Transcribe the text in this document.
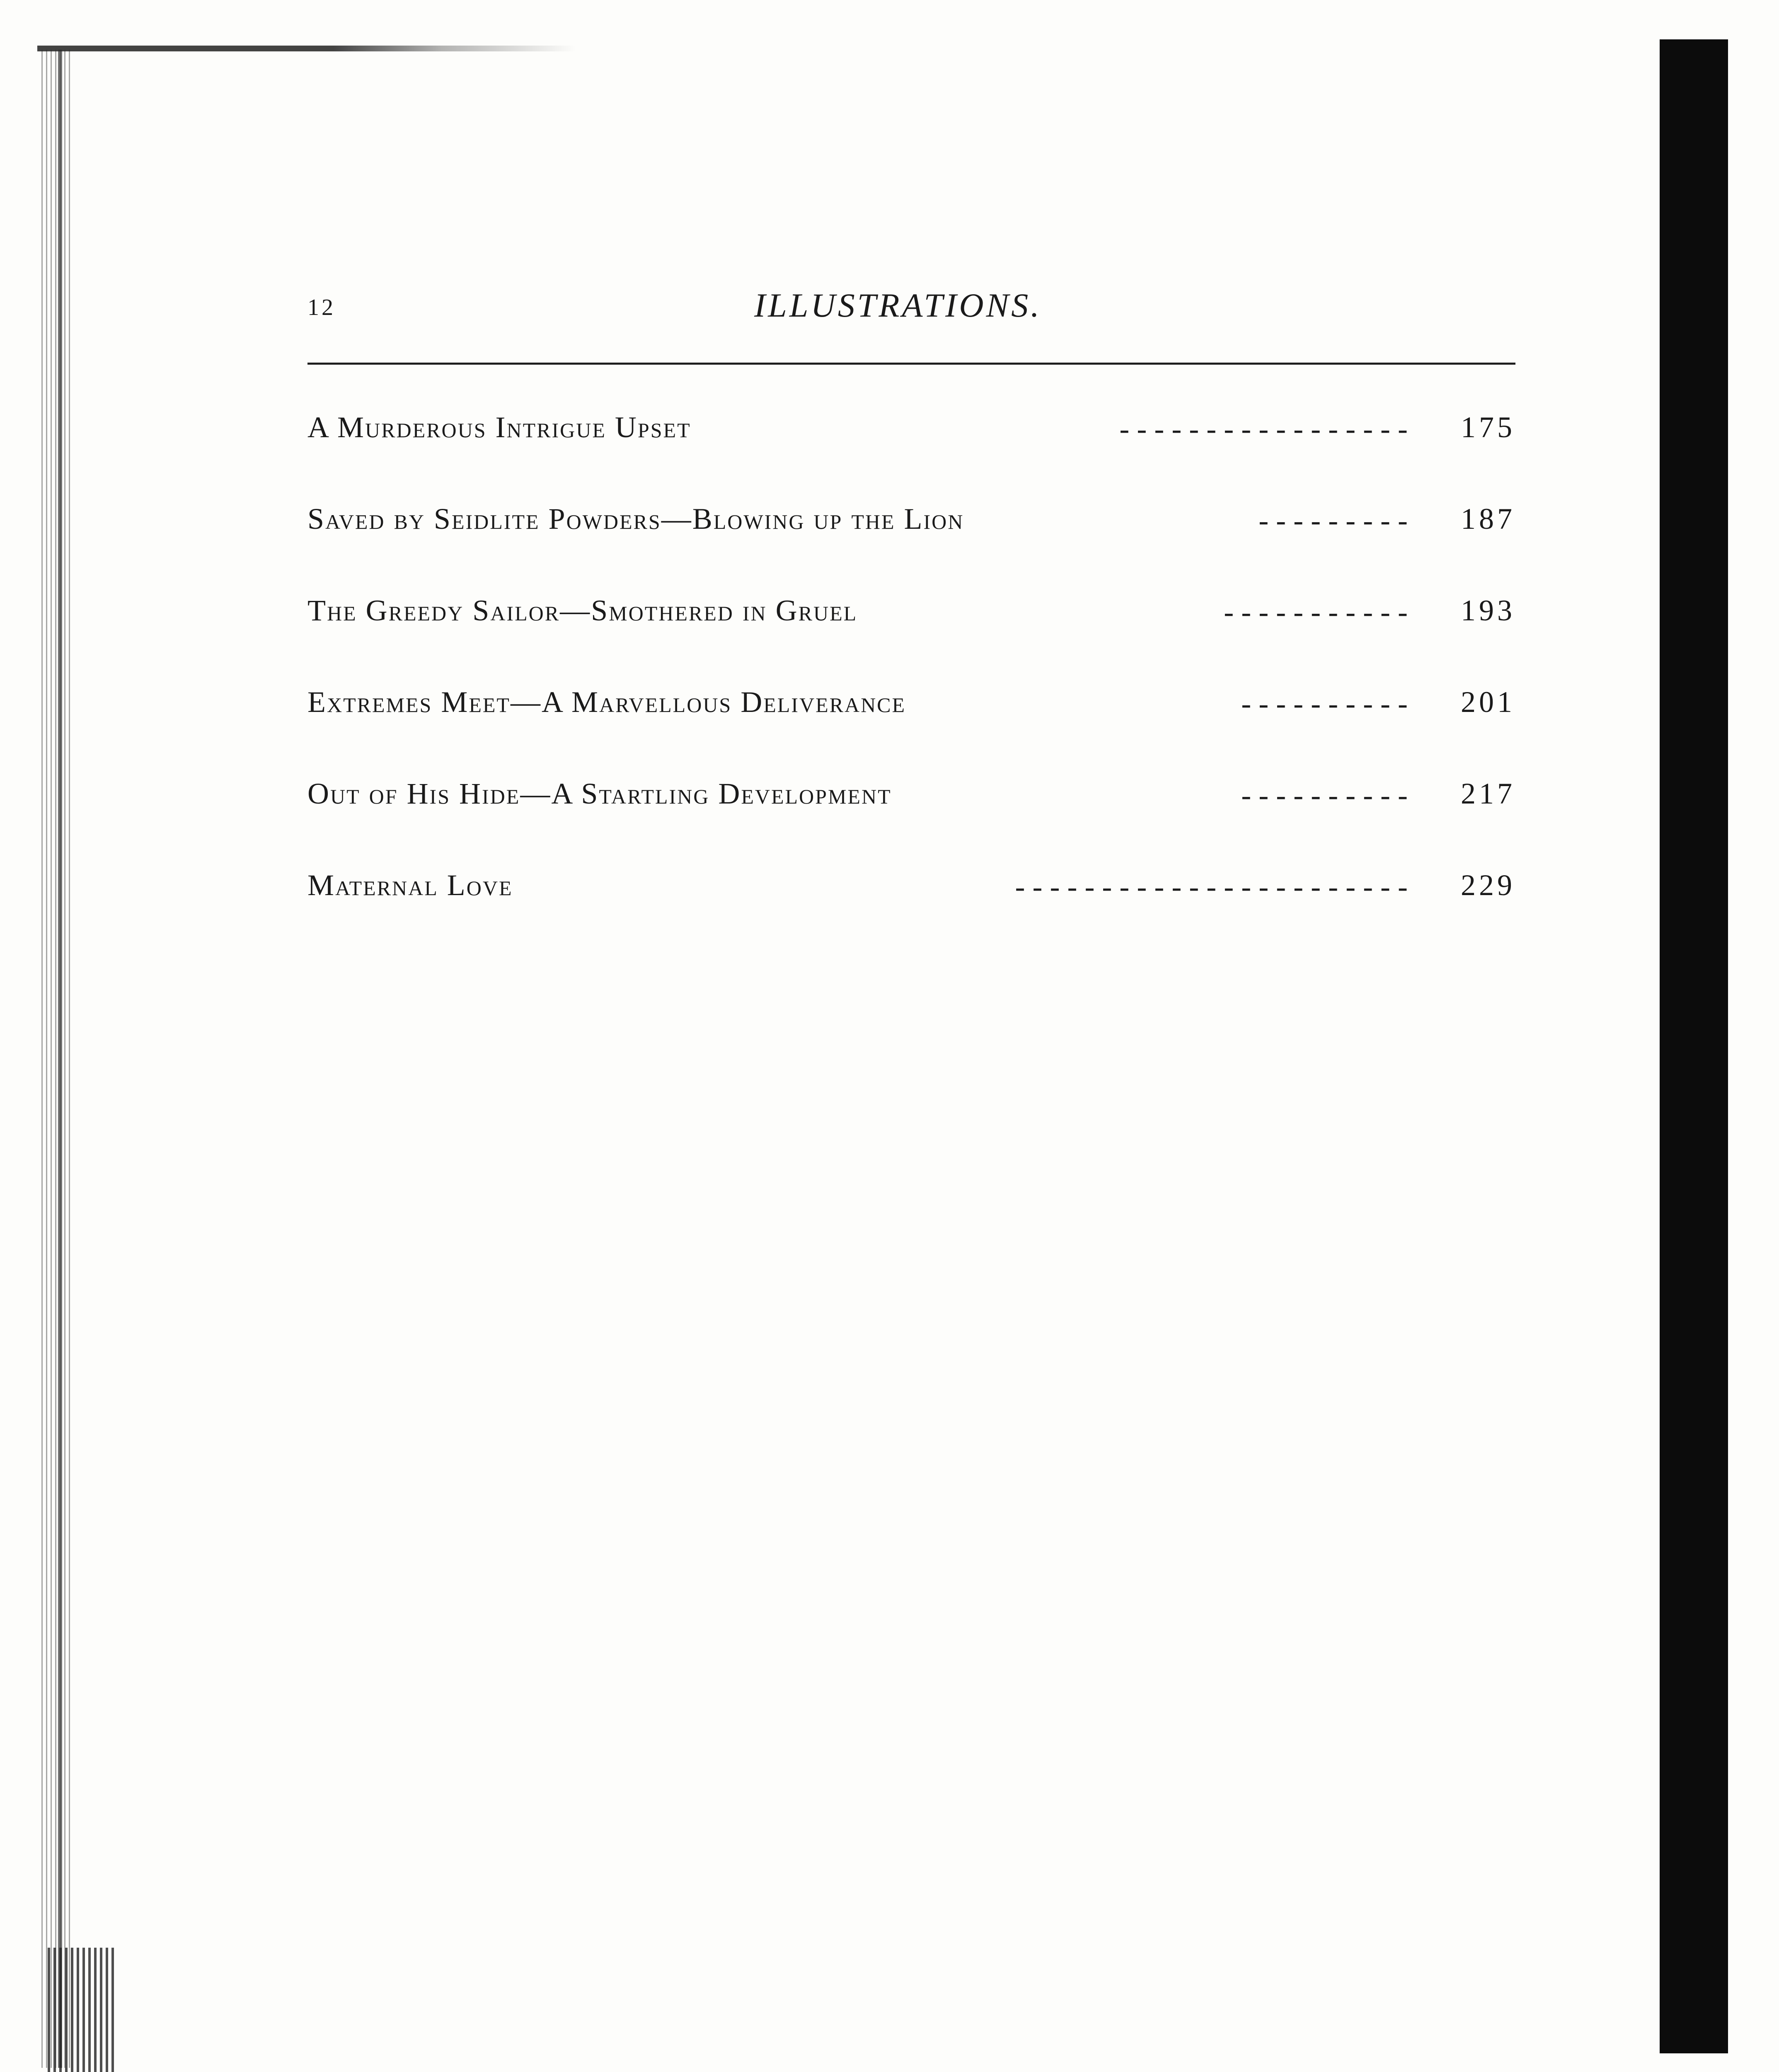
12	ILLUSTRATIONS.
A Murderous Intrigue Upset	- - - - - - - - - - - - - - - - -	175
Saved by Seidlite Powders—Blowing up the Lion	- - - - - - - - -	187
The Greedy Sailor—Smothered in Gruel	- - - - - - - - - - -	193
Extremes Meet—A Marvellous Deliverance	- - - - - - - - - -	201
Out of His Hide—A Startling Development	- - - - - - - - - -	217
Maternal Love	- - - - - - - - - - - - - - - - - - - - - - -	229
